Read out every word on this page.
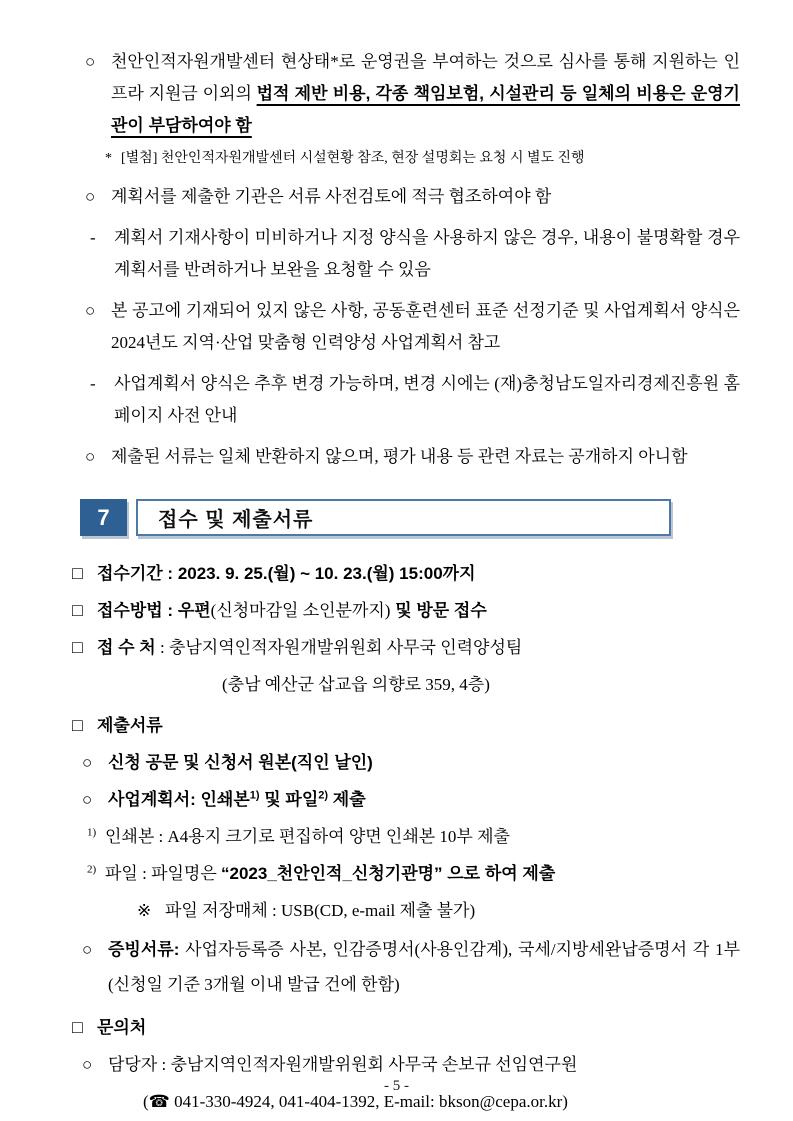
○ 천안인적자원개발센터 현상태*로 운영권을 부여하는 것으로 심사를 통해 지원하는 인프라 지원금 이외의 법적 제반 비용, 각종 책임보험, 시설관리 등 일체의 비용은 운영기관이 부담하여야 함
* [별첨] 천안인적자원개발센터 시설현황 참조, 현장 설명회는 요청 시 별도 진행
○ 계획서를 제출한 기관은 서류 사전검토에 적극 협조하여야 함
-	계획서 기재사항이 미비하거나 지정 양식을 사용하지 않은 경우, 내용이 불명확할 경우 계획서를 반려하거나 보완을 요청할 수 있음
○ 본 공고에 기재되어 있지 않은 사항, 공동훈련센터 표준 선정기준 및 사업계획서 양식은 2024년도 지역·산업 맞춤형 인력양성 사업계획서 참고
-	사업계획서 양식은 추후 변경 가능하며, 변경 시에는 (재)충청남도일자리경제진흥원 홈페이지 사전 안내
○ 제출된 서류는 일체 반환하지 않으며, 평가 내용 등 관련 자료는 공개하지 아니함
7	접수 및 제출서류
□ 접수기간 : 2023. 9. 25.(월) ~ 10. 23.(월) 15:00까지
□ 접수방법 : 우편(신청마감일 소인분까지) 및 방문 접수
□ 접 수 처 : 충남지역인적자원개발위원회 사무국 인력양성팀
(충남 예산군 삽교읍 의향로 359, 4층)
□ 제출서류
○ 신청 공문 및 신청서 원본(직인 날인)
○ 사업계획서: 인쇄본$^{1)}$ 및 파일$^{2)}$ 제출
$^{1)}$ 인쇄본 : A4용지 크기로 편집하여 양면 인쇄본 10부 제출
$^{2)}$ 파일 : 파일명은 “2023_천안인적_신청기관명” 으로 하여 제출
※ 파일 저장매체 : USB(CD, e-mail 제출 불가)
○ 증빙서류: 사업자등록증 사본, 인감증명서(사용인감계), 국세/지방세완납증명서 각 1부(신청일 기준 3개월 이내 발급 건에 한함)
□ 문의처
○ 담당자 : 충남지역인적자원개발위원회 사무국 손보규 선임연구원
(☎ 041-330-4924, 041-404-1392, E-mail: bkson@cepa.or.kr)
- 5 -
